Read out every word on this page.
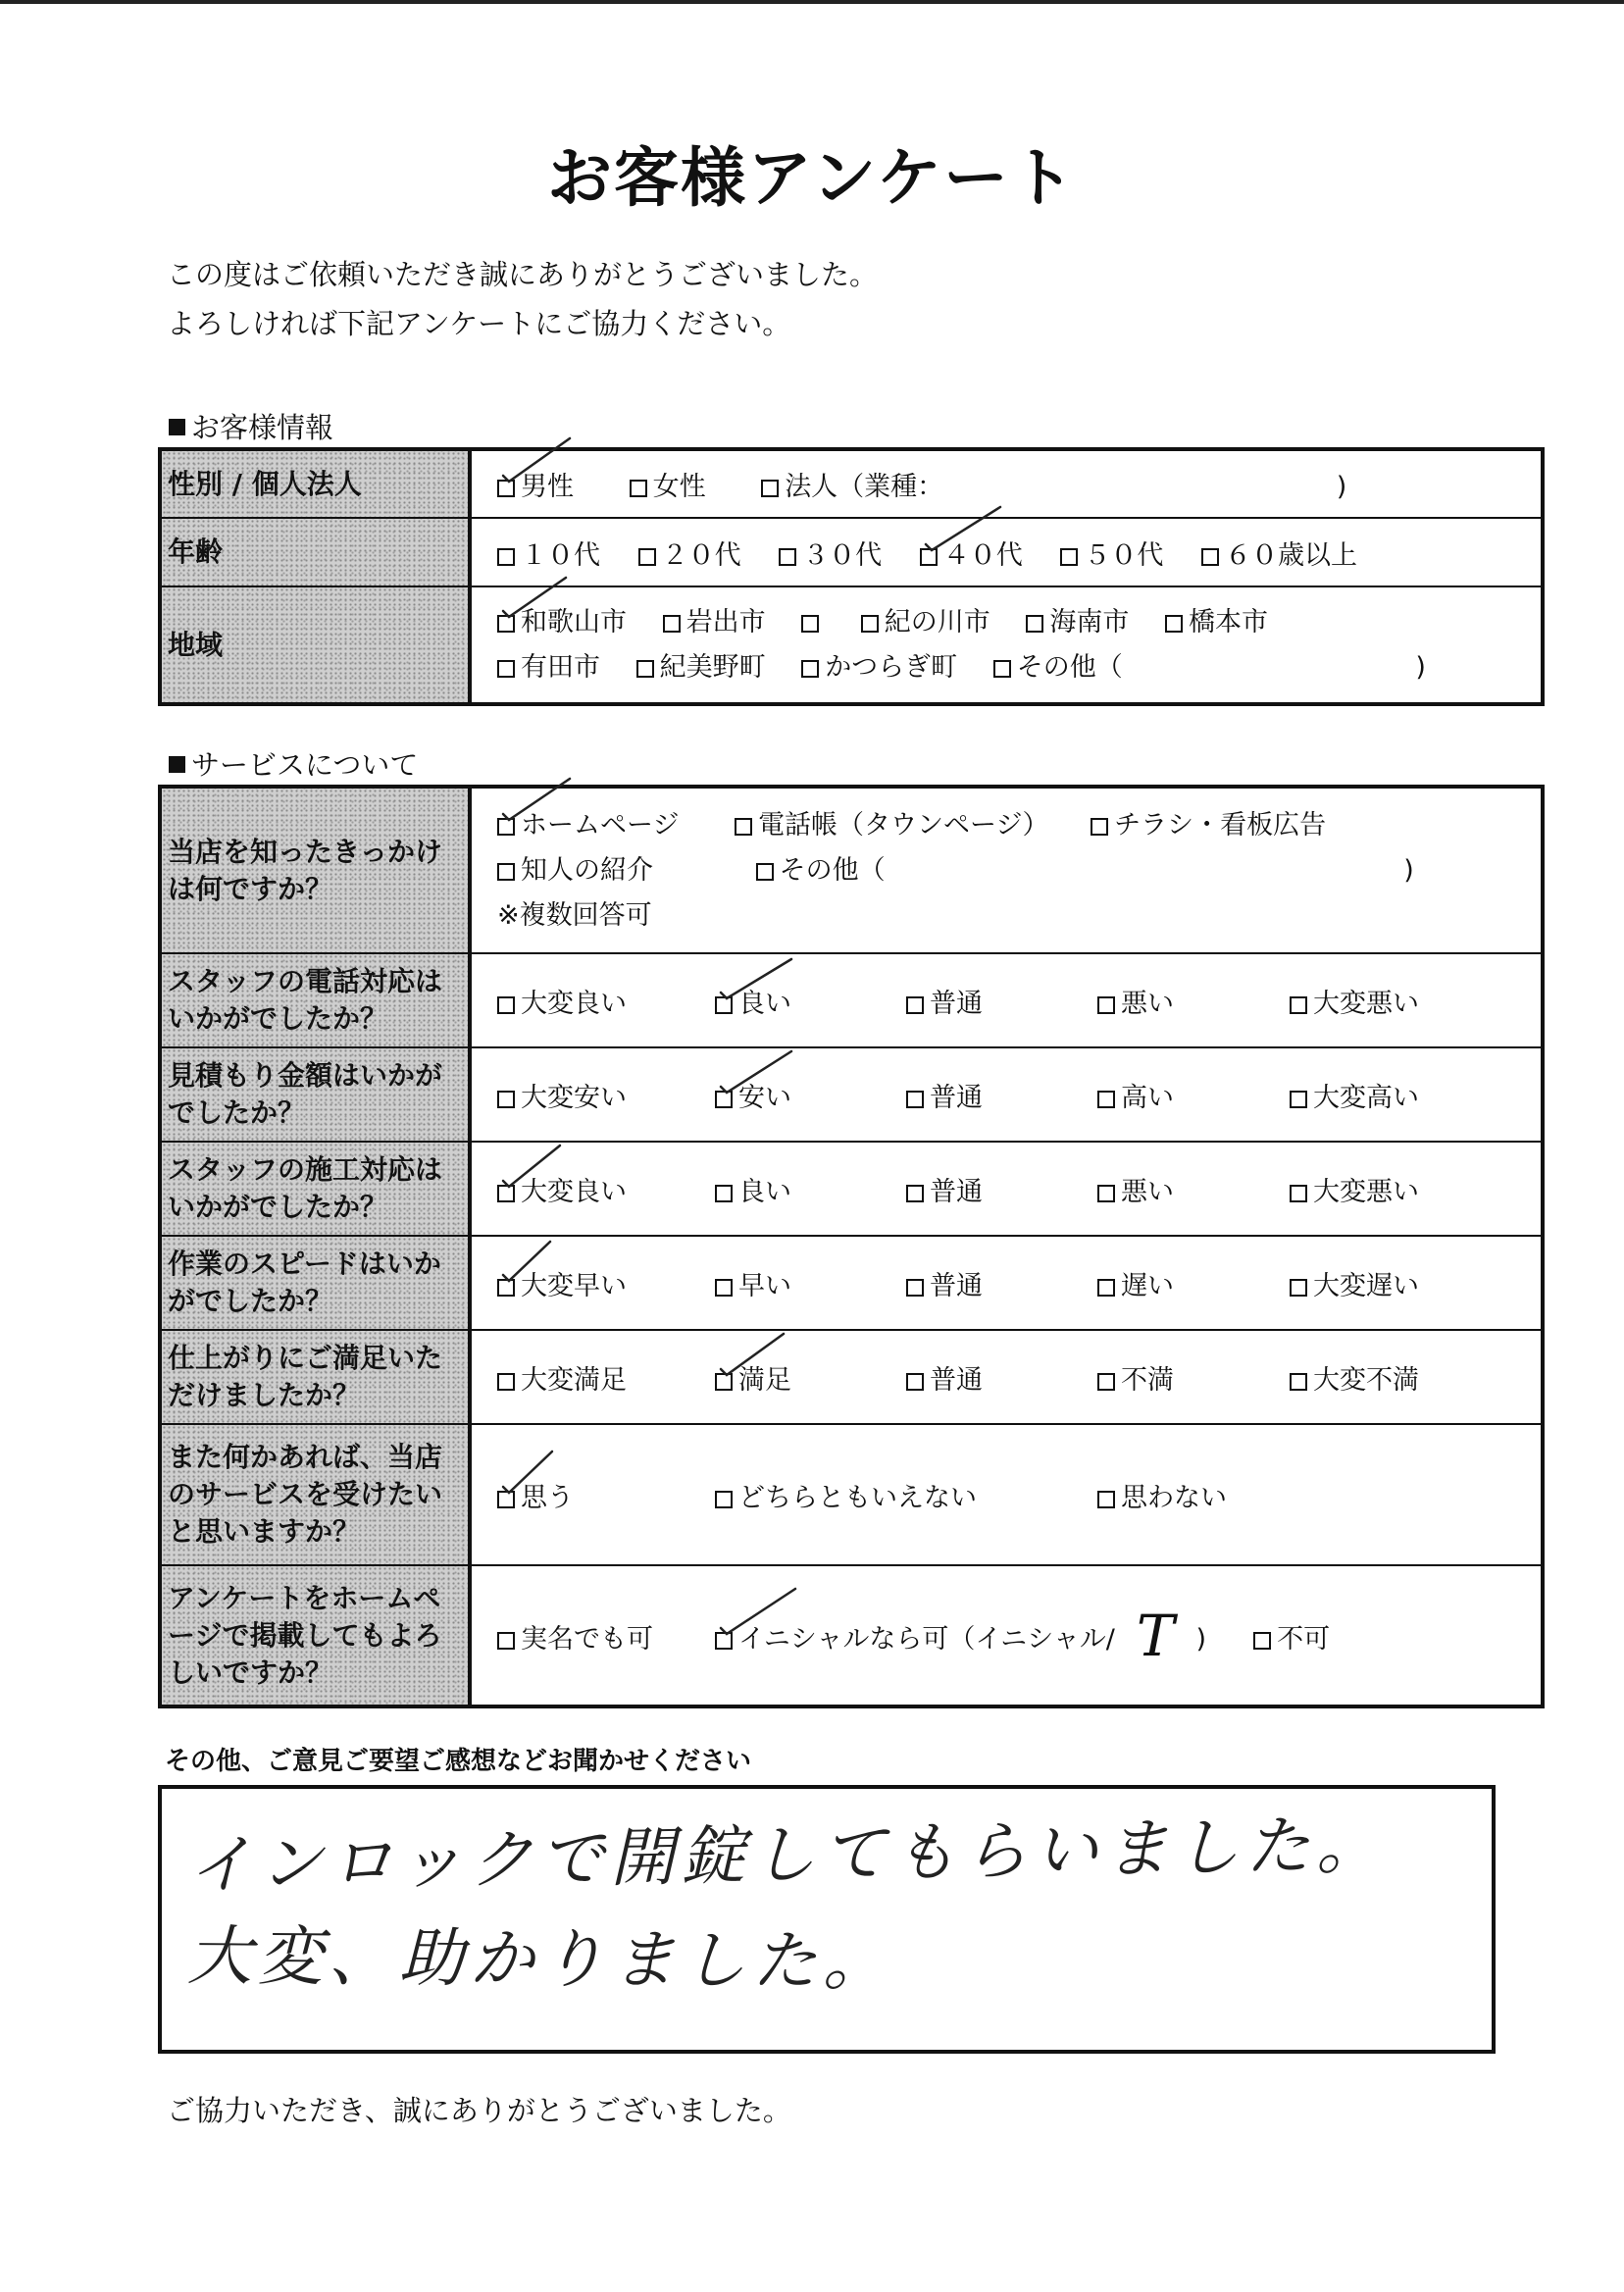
お客様アンケート
この度はご依頼いただき誠にありがとうございました。
よろしければ下記アンケートにご協力ください。
お客様情報
性別 / 個人法人	男性 女性 法人（業種： )
年齢	１０代 ２０代 ３０代 ４０代 ５０代 ６０歳以上
地域	和歌山市 岩出市 紀の川市 海南市 橋本市
有田市 紀美野町 かつらぎ町 その他（ )
サービスについて
当店を知ったきっかけは何ですか？	ホームページ 電話帳（タウンページ） チラシ・看板広告
知人の紹介 その他（ )
※複数回答可

スタッフの電話対応はいかがでしたか？	大変良い 良い 普通 悪い 大変悪い
見積もり金額はいかがでしたか？	大変安い 安い 普通 高い 大変高い
スタッフの施工対応はいかがでしたか？	大変良い 良い 普通 悪い 大変悪い
作業のスピードはいかがでしたか？	大変早い 早い 普通 遅い 大変遅い
仕上がりにご満足いただけましたか？	大変満足 満足 普通 不満 大変不満
また何かあれば、当店のサービスを受けたいと思いますか？	思う どちらともいえない 思わない
アンケートをホームページで掲載してもよろしいですか？	実名でも可 イニシャルなら可（イニシャル/ T ) 不可
その他、ご意見ご要望ご感想などお聞かせください
インロックで開錠してもらいました。
大変、助かりました。
ご協力いただき、誠にありがとうございました。
